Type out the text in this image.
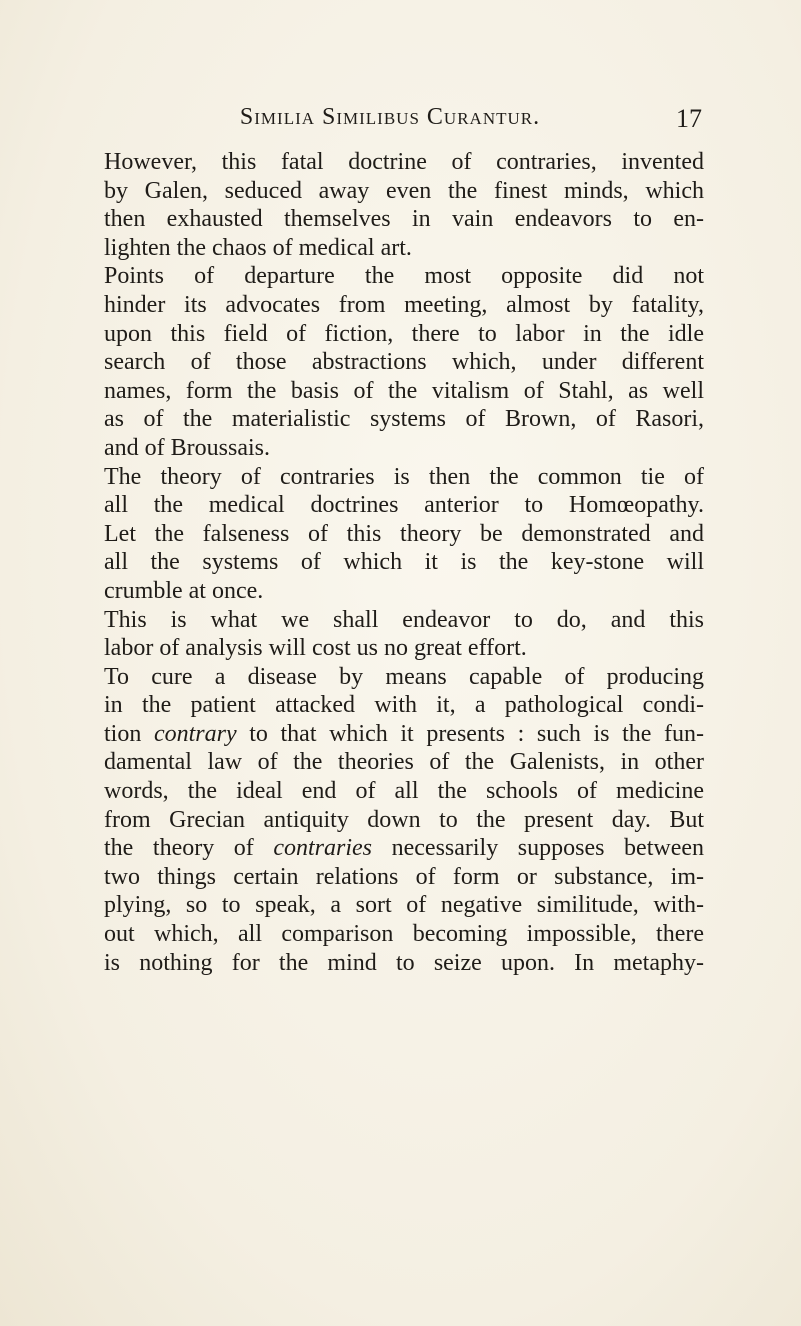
Similia Similibus Curantur.	17
However, this fatal doctrine of contraries, invented
by Galen, seduced away even the finest minds, which
then exhausted themselves in vain endeavors to en-
lighten the chaos of medical art.
Points of departure the most opposite did not
hinder its advocates from meeting, almost by fatality,
upon this field of fiction, there to labor in the idle
search of those abstractions which, under different
names, form the basis of the vitalism of Stahl, as well
as of the materialistic systems of Brown, of Rasori,
and of Broussais.
The theory of contraries is then the common tie of
all the medical doctrines anterior to Homœopathy.
Let the falseness of this theory be demonstrated and
all the systems of which it is the key-stone will
crumble at once.
This is what we shall endeavor to do, and this
labor of analysis will cost us no great effort.
To cure a disease by means capable of producing
in the patient attacked with it, a pathological condi-
tion contrary to that which it presents : such is the fun-
damental law of the theories of the Galenists, in other
words, the ideal end of all the schools of medicine
from Grecian antiquity down to the present day. But
the theory of contraries necessarily supposes between
two things certain relations of form or substance, im-
plying, so to speak, a sort of negative similitude, with-
out which, all comparison becoming impossible, there
is nothing for the mind to seize upon. In metaphy-
